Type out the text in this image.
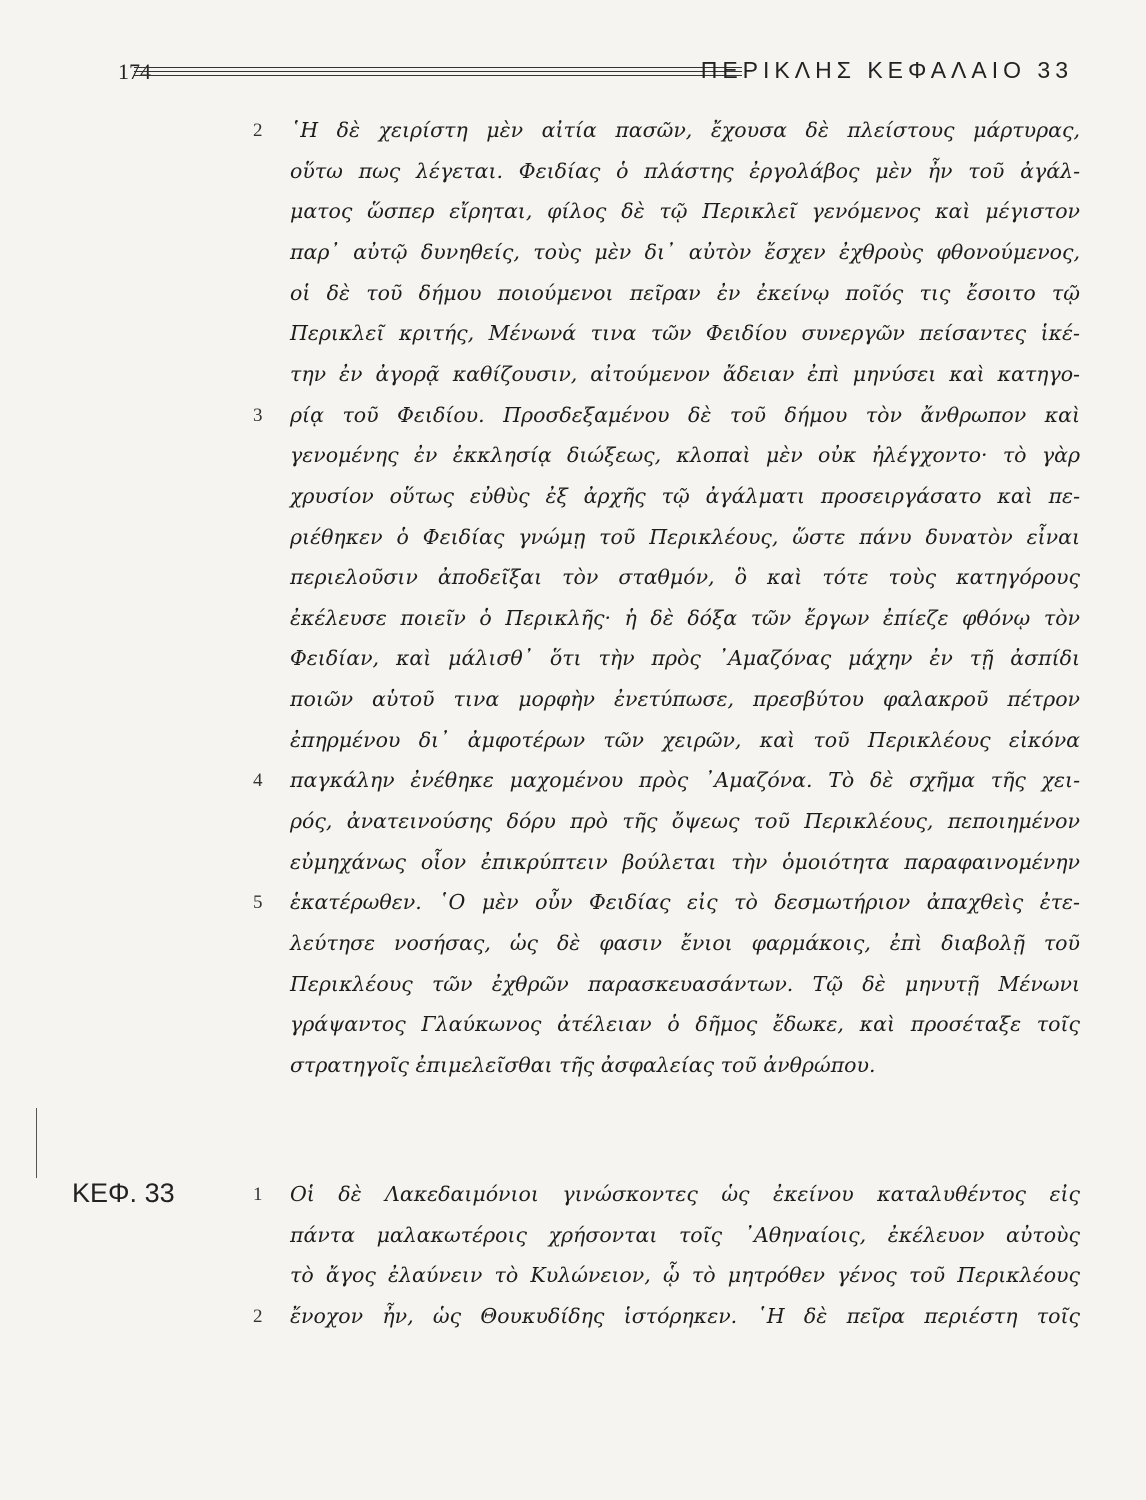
174	ΠΕΡΙΚΛΗΣ ΚΕΦΑΛΑΙΟ 33
2	῾Η δὲ χειρίστη μὲν αἰτία πασῶν, ἔχουσα δὲ πλείστους μάρτυρας,
οὕτω πως λέγεται. Φειδίας ὁ πλάστης ἐργολάβος μὲν ἦν τοῦ ἀγάλ-
ματος ὥσπερ εἴρηται, φίλος δὲ τῷ Περικλεῖ γενόμενος καὶ μέγιστον
παρ᾽ αὐτῷ δυνηθείς, τοὺς μὲν δι᾽ αὐτὸν ἔσχεν ἐχθροὺς φθονούμενος,
οἱ δὲ τοῦ δήμου ποιούμενοι πεῖραν ἐν ἐκείνῳ ποῖός τις ἔσοιτο τῷ
Περικλεῖ κριτής, Μένωνά τινα τῶν Φειδίου συνεργῶν πείσαντες ἱκέ-
την ἐν ἀγορᾷ καθίζουσιν, αἰτούμενον ἄδειαν ἐπὶ μηνύσει καὶ κατηγο-
3	ρίᾳ τοῦ Φειδίου. Προσδεξαμένου δὲ τοῦ δήμου τὸν ἄνθρωπον καὶ
γενομένης ἐν ἐκκλησίᾳ διώξεως, κλοπαὶ μὲν οὐκ ἠλέγχοντο· τὸ γὰρ
χρυσίον οὕτως εὐθὺς ἐξ ἀρχῆς τῷ ἀγάλματι προσειργάσατο καὶ πε-
ριέθηκεν ὁ Φειδίας γνώμῃ τοῦ Περικλέους, ὥστε πάνυ δυνατὸν εἶναι
περιελοῦσιν ἀποδεῖξαι τὸν σταθμόν, ὃ καὶ τότε τοὺς κατηγόρους
ἐκέλευσε ποιεῖν ὁ Περικλῆς· ἡ δὲ δόξα τῶν ἔργων ἐπίεζε φθόνῳ τὸν
Φειδίαν, καὶ μάλισθ᾽ ὅτι τὴν πρὸς ᾽Αμαζόνας μάχην ἐν τῇ ἀσπίδι
ποιῶν αὑτοῦ τινα μορφὴν ἐνετύπωσε, πρεσβύτου φαλακροῦ πέτρον
ἐπηρμένου δι᾽ ἀμφοτέρων τῶν χειρῶν, καὶ τοῦ Περικλέους εἰκόνα
4	παγκάλην ἐνέθηκε μαχομένου πρὸς ᾽Αμαζόνα. Τὸ δὲ σχῆμα τῆς χει-
ρός, ἀνατεινούσης δόρυ πρὸ τῆς ὄψεως τοῦ Περικλέους, πεποιημένον
εὐμηχάνως οἷον ἐπικρύπτειν βούλεται τὴν ὁμοιότητα παραφαινομένην
5	ἑκατέρωθεν. ῾Ο μὲν οὖν Φειδίας εἰς τὸ δεσμωτήριον ἀπαχθεὶς ἐτε-
λεύτησε νοσήσας, ὡς δὲ φασιν ἔνιοι φαρμάκοις, ἐπὶ διαβολῇ τοῦ
Περικλέους τῶν ἐχθρῶν παρασκευασάντων. Τῷ δὲ μηνυτῇ Μένωνι
γράψαντος Γλαύκωνος ἀτέλειαν ὁ δῆμος ἔδωκε, καὶ προσέταξε τοῖς
στρατηγοῖς ἐπιμελεῖσθαι τῆς ἀσφαλείας τοῦ ἀνθρώπου.
ΚΕΦ. 33	1	Οἱ δὲ Λακεδαιμόνιοι γινώσκοντες ὡς ἐκείνου καταλυθέντος εἰς
πάντα μαλακωτέροις χρήσονται τοῖς ᾽Αθηναίοις, ἐκέλευον αὐτοὺς
τὸ ἄγος ἐλαύνειν τὸ Κυλώνειον, ᾧ τὸ μητρόθεν γένος τοῦ Περικλέους
2	ἔνοχον ἦν, ὡς Θουκυδίδης ἱστόρηκεν. ῾Η δὲ πεῖρα περιέστη τοῖς
